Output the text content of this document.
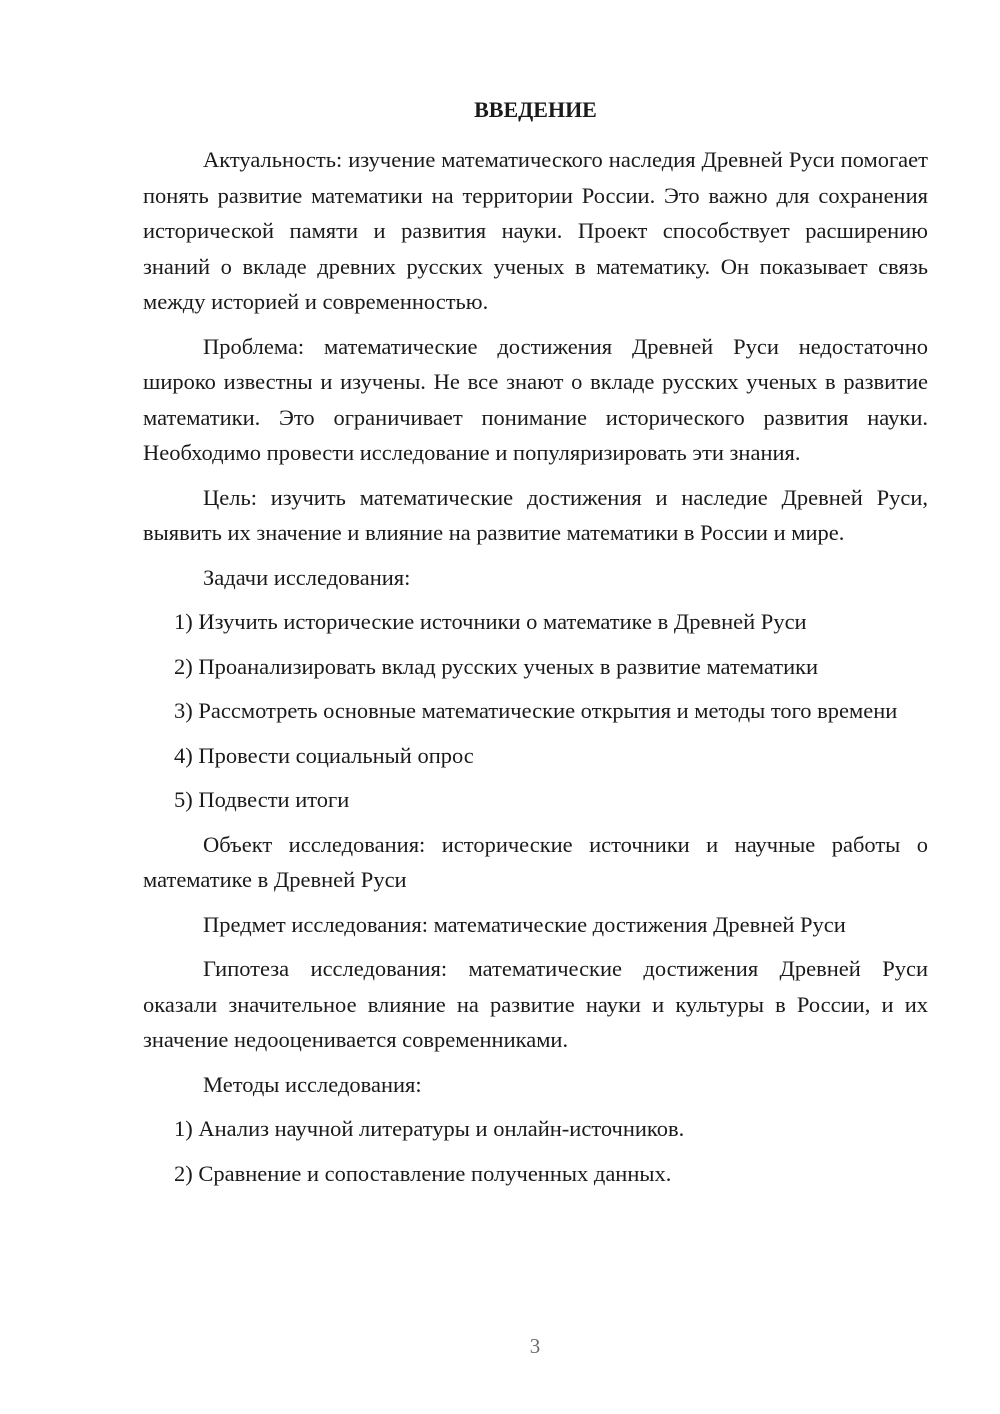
ВВЕДЕНИЕ

Актуальность: изучение математического наследия Древней Руси помогает понять развитие математики на территории России. Это важно для сохранения исторической памяти и развития науки. Проект способствует расширению знаний о вкладе древних русских ученых в математику. Он показывает связь между историей и современностью.

Проблема: математические достижения Древней Руси недостаточно широко известны и изучены. Не все знают о вкладе русских ученых в развитие математики. Это ограничивает понимание исторического развития науки. Необходимо провести исследование и популяризировать эти знания.

Цель: изучить математические достижения и наследие Древней Руси, выявить их значение и влияние на развитие математики в России и мире.

Задачи исследования:

1) Изучить исторические источники о математике в Древней Руси

2) Проанализировать вклад русских ученых в развитие математики

3) Рассмотреть основные математические открытия и методы того времени

4) Провести социальный опрос

5) Подвести итоги

Объект исследования: исторические источники и научные работы о математике в Древней Руси

Предмет исследования: математические достижения Древней Руси

Гипотеза исследования: математические достижения Древней Руси оказали значительное влияние на развитие науки и культуры в России, и их значение недооценивается современниками.

Методы исследования:

1) Анализ научной литературы и онлайн-источников.

2) Сравнение и сопоставление полученных данных.

3
